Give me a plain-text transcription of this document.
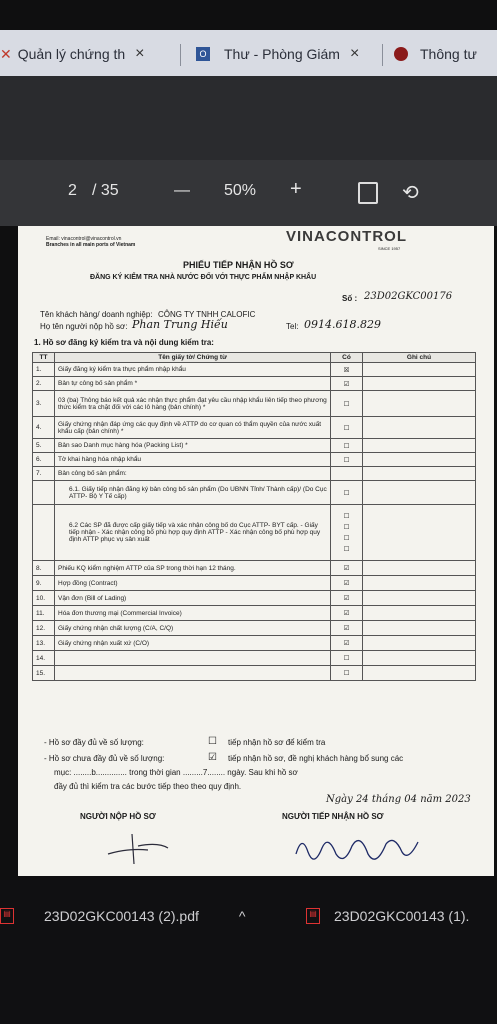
✕ Quản lý chứng th ×	O Thư - Phòng Giám ×	Thông tư
2 / 35	— 50% +	⟲
Email: vinacontrol@vinacontrol.vn
Branches in all main ports of Vietnam	VINACONTROL
SINCE 1957
PHIẾU TIẾP NHẬN HỒ SƠ
ĐĂNG KÝ KIỂM TRA NHÀ NƯỚC ĐỐI VỚI THỰC PHẨM NHẬP KHẨU
Số : 23D02GKC00176
Tên khách hàng/ doanh nghiệp: CÔNG TY TNHH CALOFIC
Họ tên người nộp hồ sơ: Phan Trung Hiếu	Tel: 0914.618.829
1. Hồ sơ đăng ký kiểm tra và nội dung kiểm tra:
TT	Tên giấy tờ/ Chứng từ	Có	Ghi chú
1.	Giấy đăng ký kiểm tra thực phẩm nhập khẩu	☒	
2.	Bản tự công bố sản phẩm *	☑	
3.	03 (ba) Thông báo kết quả xác nhận thực phẩm đạt yêu cầu nhập khẩu liên tiếp theo phương thức kiểm tra chặt đối với các lô hàng (bản chính) *	☐	
4.	Giấy chứng nhận đáp ứng các quy định về ATTP do cơ quan có thẩm quyền của nước xuất khẩu cấp (bản chính) *	☐	
5.	Bản sao Danh mục hàng hóa (Packing List) *	☐	
6.	Tờ khai hàng hóa nhập khẩu	☐	
7.	Bản công bố sản phẩm:		
	6.1. Giấy tiếp nhận đăng ký bản công bố sản phẩm (Do UBNN Tỉnh/ Thành cấp)/ (Do Cục ATTP- Bộ Y Tế cấp)	☐	
	6.2 Các SP đã được cấp giấy tiếp và xác nhận công bố do Cục ATTP- BYT cấp. - Giấy tiếp nhận - Xác nhận công bố phù hợp quy định ATTP - Xác nhận công bố phù hợp quy định ATTP phục vụ sản xuất	☐ ☐ ☐ ☐	
8.	Phiếu KQ kiểm nghiệm ATTP của SP trong thời hạn 12 tháng.	☑	
9.	Hợp đồng (Contract)	☑	
10.	Vận đơn (Bill of Lading)	☑	
11.	Hóa đơn thương mại (Commercial Invoice)	☑	
12.	Giấy chứng nhận chất lượng (C/A, C/Q)	☑	
13.	Giấy chứng nhận xuất xứ (C/O)	☑	
14.		☐	
15.		☐	
- Hồ sơ đầy đủ về số lượng:	☐ tiếp nhận hồ sơ để kiểm tra
- Hồ sơ chưa đầy đủ về số lượng:	☑ tiếp nhận hồ sơ, đề nghị khách hàng bổ sung các
mục: ........b.............. trong thời gian .........7........ ngày. Sau khi hồ sơ
đầy đủ thì kiểm tra các bước tiếp theo theo quy định.
Ngày 24 tháng 04 năm 2023
NGƯỜI NỘP HỒ SƠ	NGƯỜI TIẾP NHẬN HỒ SƠ
▤ 23D02GKC00143 (2).pdf	^	▤ 23D02GKC00143 (1).
